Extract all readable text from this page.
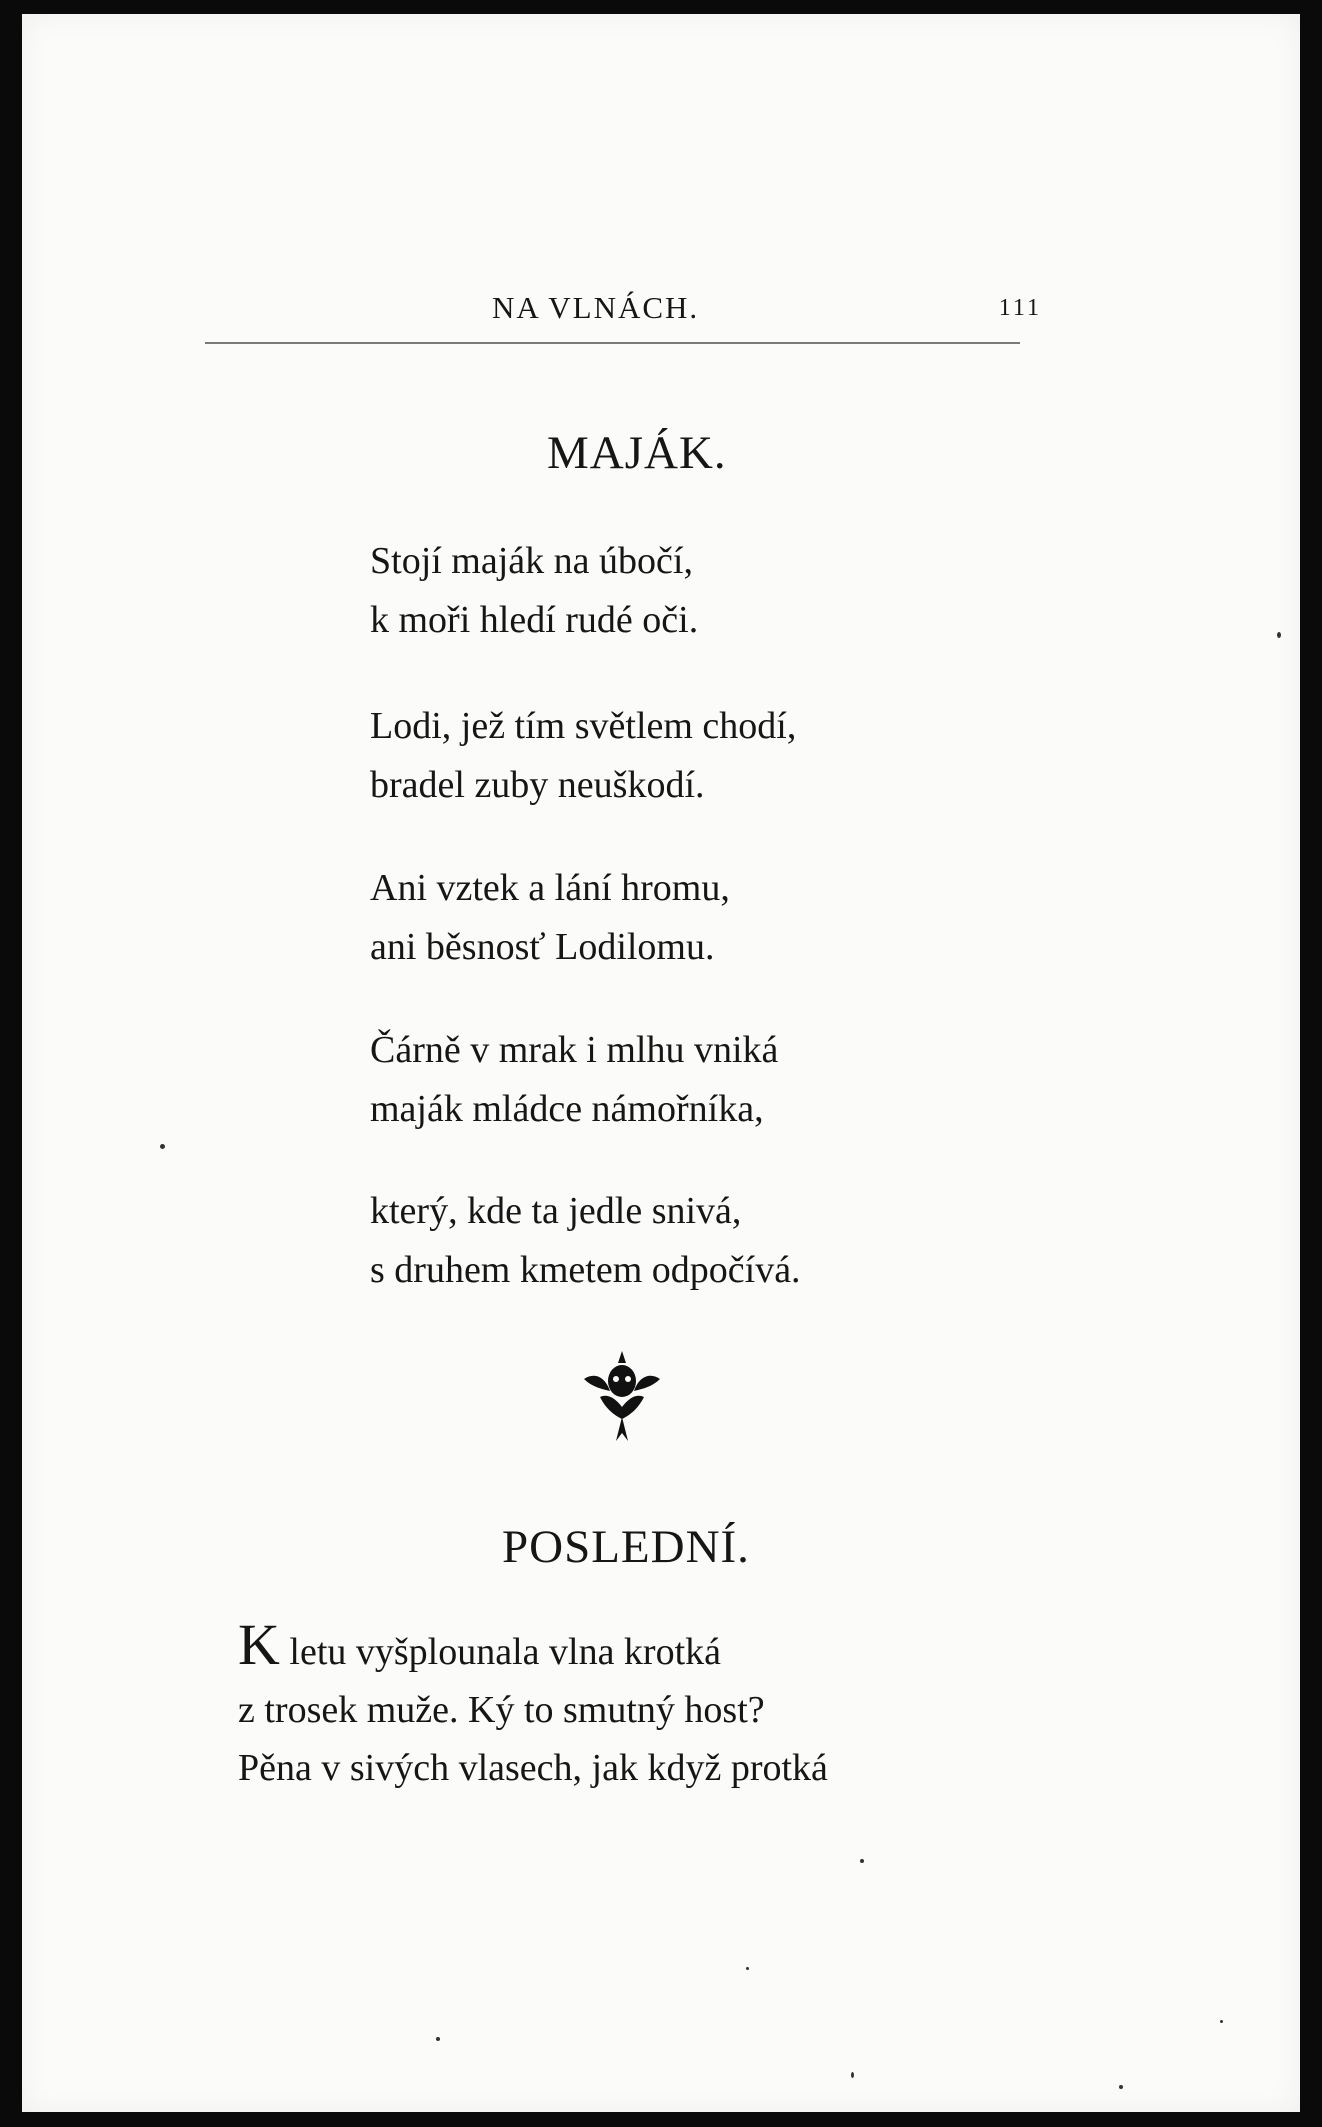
NA VLNÁCH.	111
MAJÁK.
Stojí maják na úbočí,
k moři hledí rudé oči.
Lodi, jež tím světlem chodí,
bradel zuby neuškodí.
Ani vztek a lání hromu,
ani běsnosť Lodilomu.
Čárně v mrak i mlhu vniká
maják mládce námořníka,
který, kde ta jedle snivá,
s druhem kmetem odpočívá.
POSLEDNÍ.
K letu vyšplounala vlna krotká
z trosek muže. Ký to smutný host?
Pěna v sivých vlasech, jak když protká
